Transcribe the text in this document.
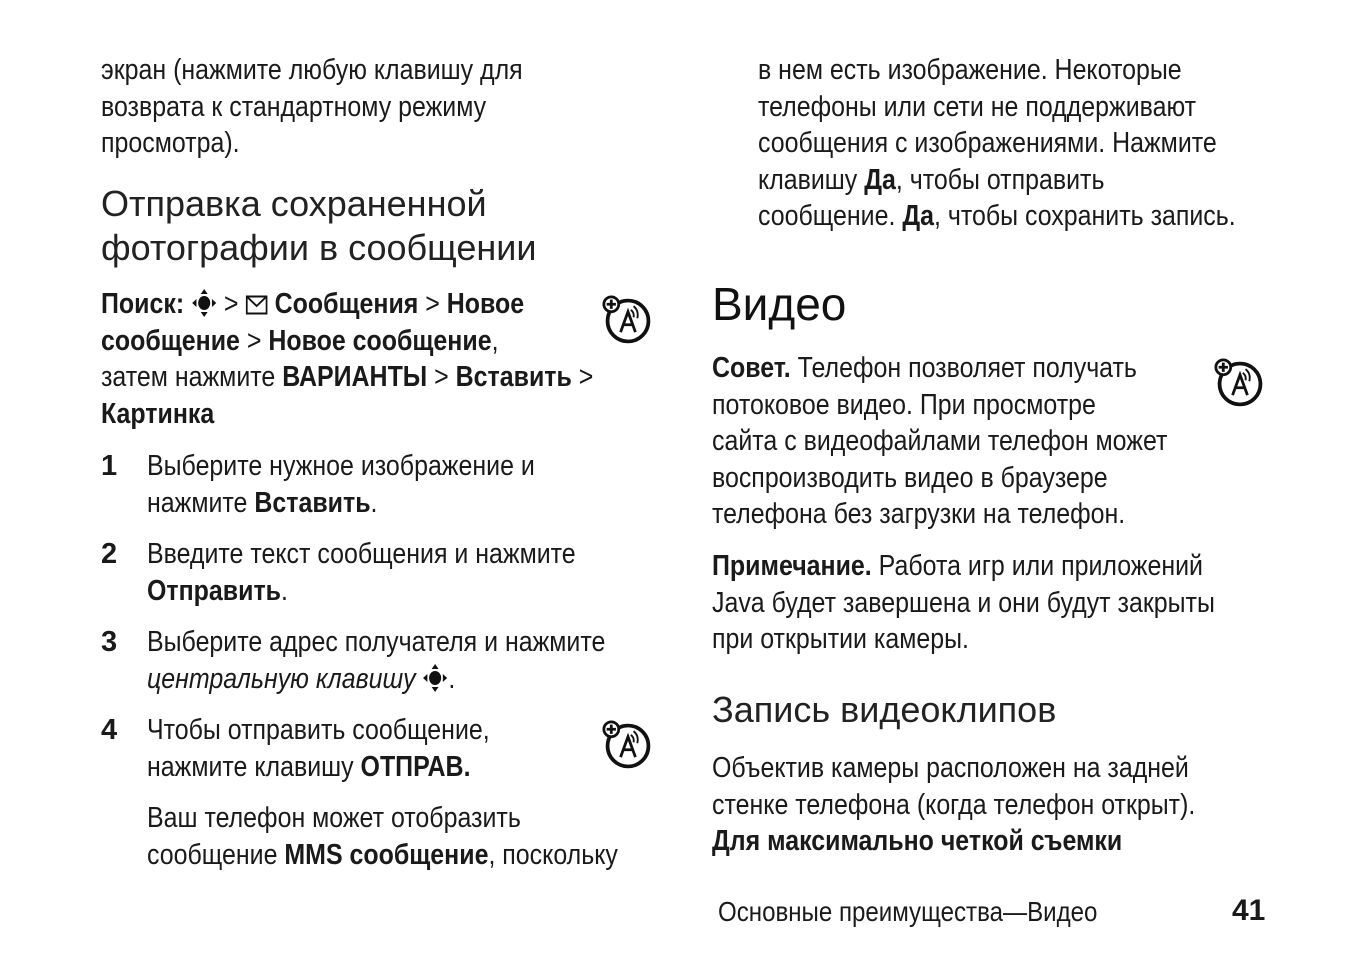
экран (нажмите любую клавишу для
возврата к стандартному режиму
просмотра).
Отправка сохраненной
фотографии в сообщении
Поиск: > Сообщения > Новое
сообщение > Новое сообщение,
затем нажмите ВАРИАНТЫ > Вставить >
Картинка
1 Выберите нужное изображение и
нажмите Вставить.
2 Введите текст сообщения и нажмите
Отправить.
3 Выберите адрес получателя и нажмите
центральную клавишу .
4 Чтобы отправить сообщение,
нажмите клавишу ОТПРАВ.
Ваш телефон может отобразить
сообщение MMS сообщение, поскольку
в нем есть изображение. Некоторые
телефоны или сети не поддерживают
сообщения с изображениями. Нажмите
клавишу Да, чтобы отправить
сообщение. Да, чтобы сохранить запись.
Видео
Совет. Телефон позволяет получать
потоковое видео. При просмотре
сайта с видеофайлами телефон может
воспроизводить видео в браузере
телефона без загрузки на телефон.
Примечание. Работа игр или приложений
Java будет завершена и они будут закрыты
при открытии камеры.
Запись видеоклипов
Объектив камеры расположен на задней
стенке телефона (когда телефон открыт).
Для максимально четкой съемки
Основные преимущества—Видео	41
